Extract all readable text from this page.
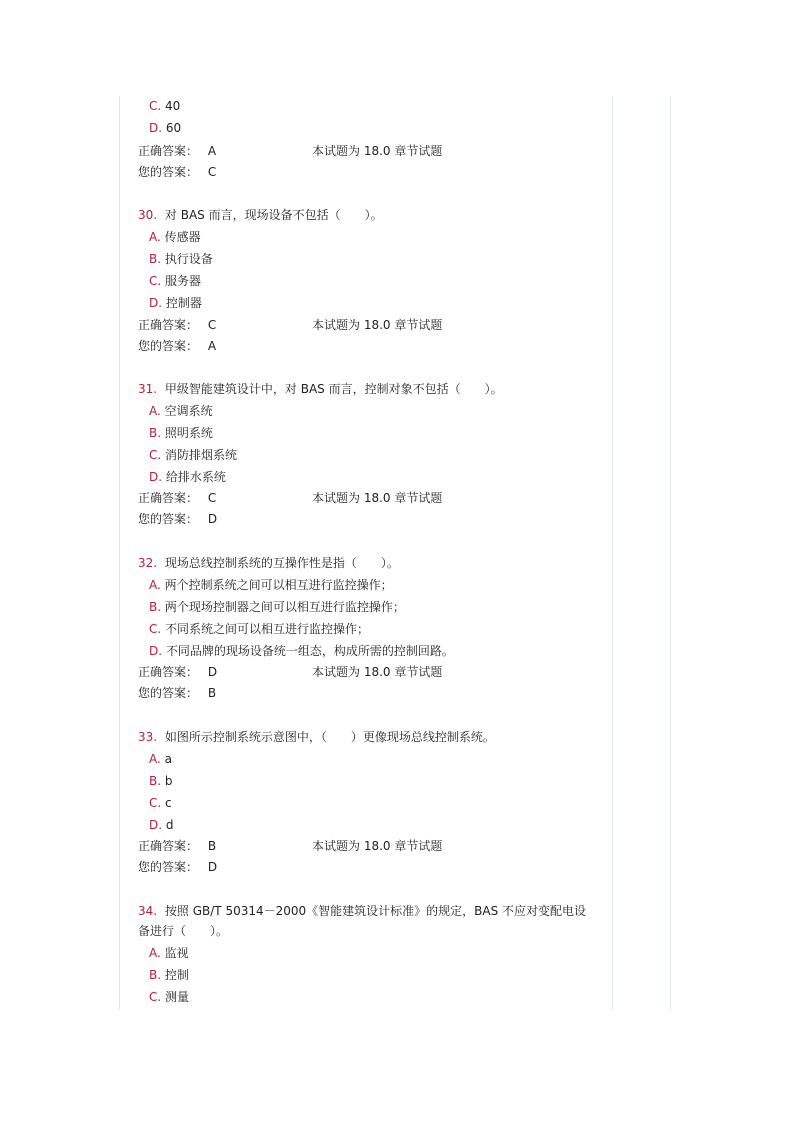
C. 40
D. 60
正确答案： A	本试题为 18.0 章节试题
您的答案： C
30. 对 BAS 而言，现场设备不包括（　　）。
A. 传感器
B. 执行设备
C. 服务器
D. 控制器
正确答案： C	本试题为 18.0 章节试题
您的答案： A
31. 甲级智能建筑设计中，对 BAS 而言，控制对象不包括（　　）。
A. 空调系统
B. 照明系统
C. 消防排烟系统
D. 给排水系统
正确答案： C	本试题为 18.0 章节试题
您的答案： D
32. 现场总线控制系统的互操作性是指（　　）。
A. 两个控制系统之间可以相互进行监控操作；
B. 两个现场控制器之间可以相互进行监控操作；
C. 不同系统之间可以相互进行监控操作；
D. 不同品牌的现场设备统一组态，构成所需的控制回路。
正确答案： D	本试题为 18.0 章节试题
您的答案： B
33. 如图所示控制系统示意图中，（　　）更像现场总线控制系统。
A. a
B. b
C. c
D. d
正确答案： B	本试题为 18.0 章节试题
您的答案： D
34. 按照 GB/T 50314－2000《智能建筑设计标准》的规定，BAS 不应对变配电设
备进行（　　）。
A. 监视
B. 控制
C. 测量
